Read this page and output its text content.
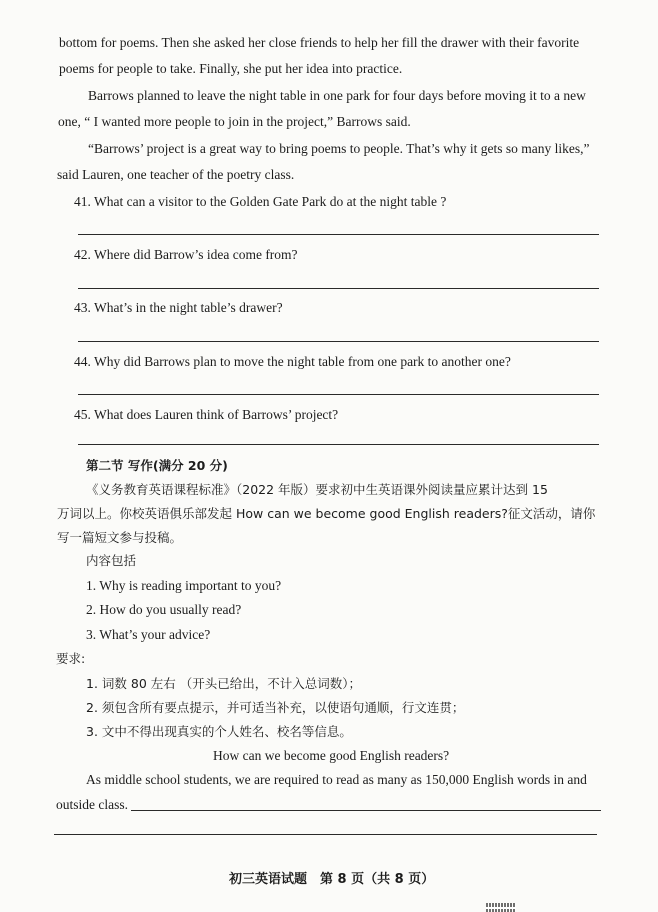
bottom for poems. Then she asked her close friends to help her fill the drawer with their favorite
poems for people to take. Finally, she put her idea into practice.
Barrows planned to leave the night table in one park for four days before moving it to a new
one, “ I wanted more people to join in the project,” Barrows said.
“Barrows’ project is a great way to bring poems to people. That’s why it gets so many likes,”
said Lauren, one teacher of the poetry class.
41. What can a visitor to the Golden Gate Park do at the night table ?
42. Where did Barrow’s idea come from?
43. What’s in the night table’s drawer?
44. Why did Barrows plan to move the night table from one park to another one?
45. What does Lauren think of Barrows’ project?
第二节 写作(满分 20 分)
《义务教育英语课程标准》（2022 年版）要求初中生英语课外阅读量应累计达到 15
万词以上。你校英语俱乐部发起 How can we become good English readers?征文活动，请你
写一篇短文参与投稿。
内容包括
1. Why is reading important to you?
2. How do you usually read?
3. What’s your advice?
要求:
1. 词数 80 左右 （开头已给出，不计入总词数）；
2. 须包含所有要点提示，并可适当补充，以使语句通顺，行文连贯；
3. 文中不得出现真实的个人姓名、校名等信息。
How can we become good English readers?
As middle school students, we are required to read as many as 150,000 English words in and
outside class.
初三英语试题　第 8 页（共 8 页）
